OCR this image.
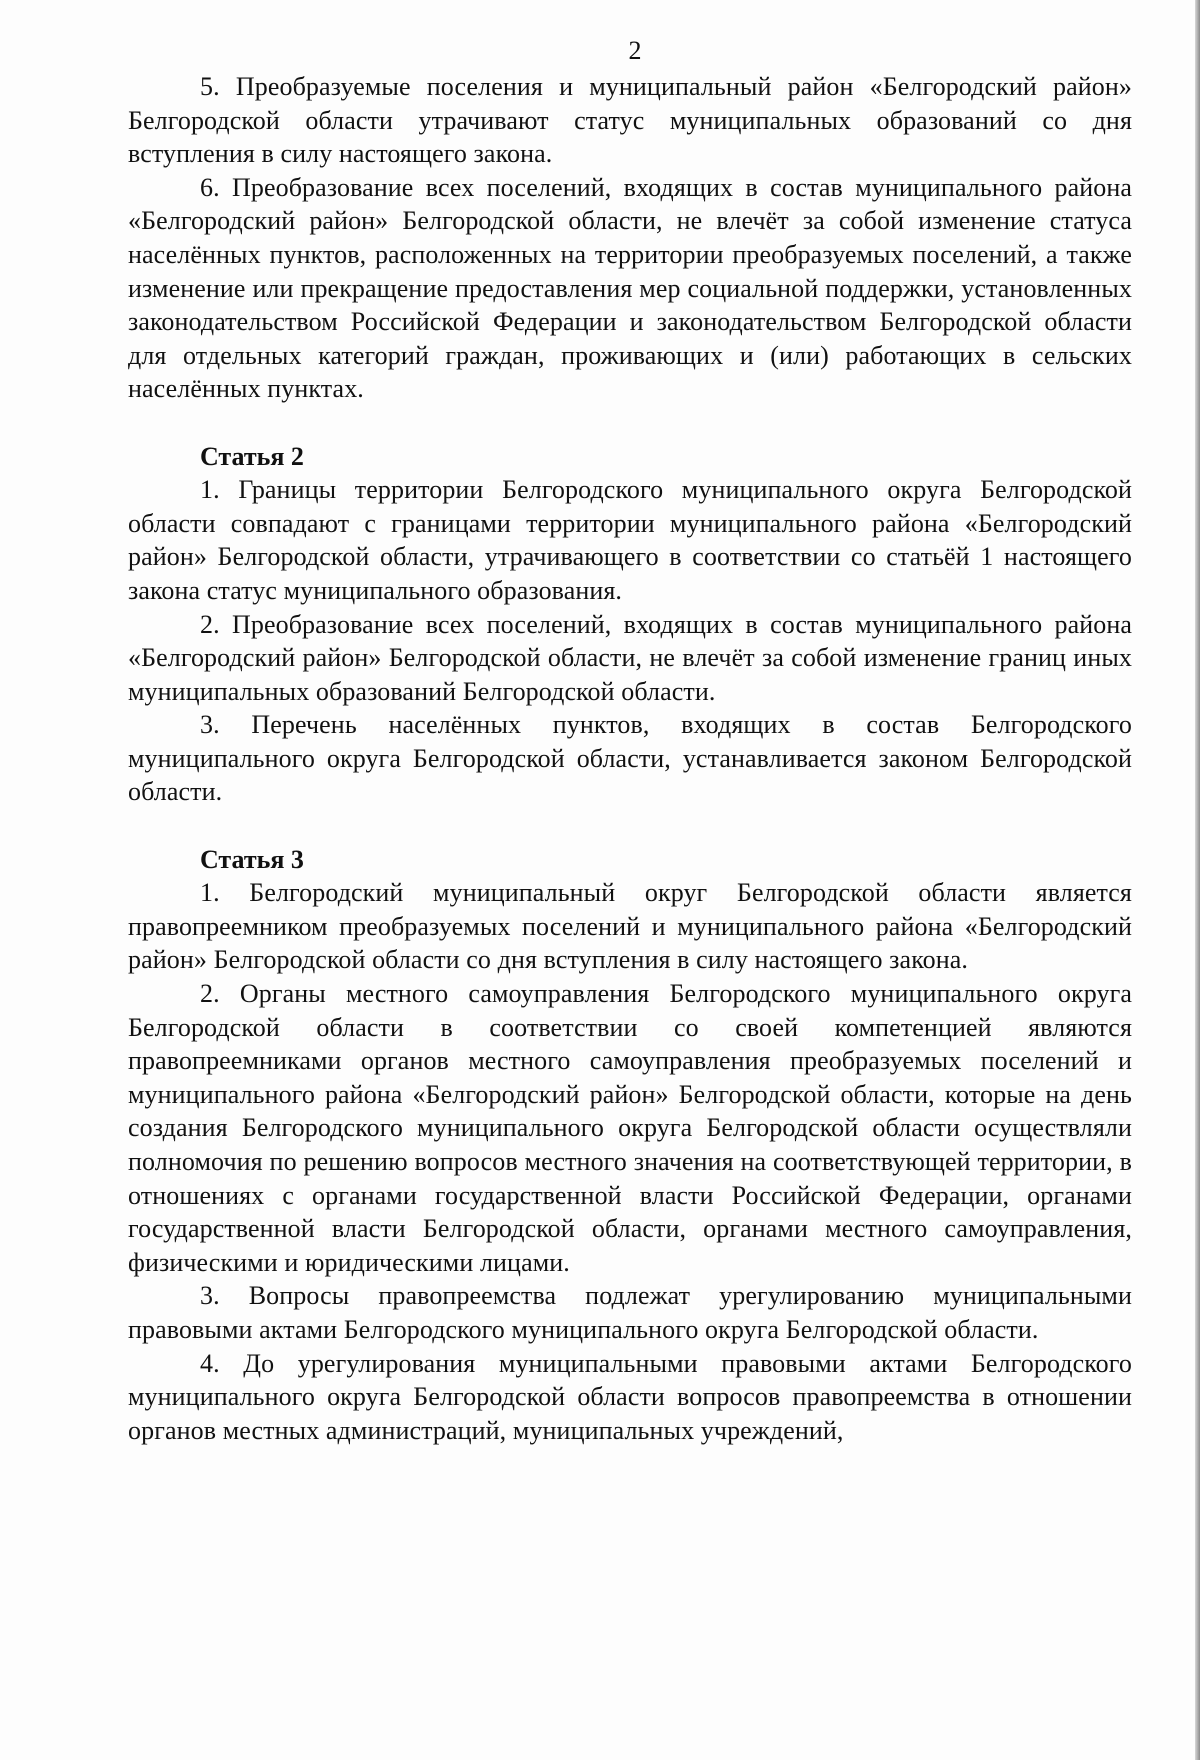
2

5. Преобразуемые поселения и муниципальный район «Белгородский район» Белгородской области утрачивают статус муниципальных образований со дня вступления в силу настоящего закона.

6. Преобразование всех поселений, входящих в состав муниципального района «Белгородский район» Белгородской области, не влечёт за собой изменение статуса населённых пунктов, расположенных на территории преобразуемых поселений, а также изменение или прекращение предоставления мер социальной поддержки, установленных законодательством Российской Федерации и законодательством Белгородской области для отдельных категорий граждан, проживающих и (или) работающих в сельских населённых пунктах.

Статья 2

1. Границы территории Белгородского муниципального округа Белгородской области совпадают с границами территории муниципального района «Белгородский район» Белгородской области, утрачивающего в соответствии со статьёй 1 настоящего закона статус муниципального образования.

2. Преобразование всех поселений, входящих в состав муниципального района «Белгородский район» Белгородской области, не влечёт за собой изменение границ иных муниципальных образований Белгородской области.

3. Перечень населённых пунктов, входящих в состав Белгородского муниципального округа Белгородской области, устанавливается законом Белгородской области.

Статья 3

1. Белгородский муниципальный округ Белгородской области является правопреемником преобразуемых поселений и муниципального района «Белгородский район» Белгородской области со дня вступления в силу настоящего закона.

2. Органы местного самоуправления Белгородского муниципального округа Белгородской области в соответствии со своей компетенцией являются правопреемниками органов местного самоуправления преобразуемых поселений и муниципального района «Белгородский район» Белгородской области, которые на день создания Белгородского муниципального округа Белгородской области осуществляли полномочия по решению вопросов местного значения на соответствующей территории, в отношениях с органами государственной власти Российской Федерации, органами государственной власти Белгородской области, органами местного самоуправления, физическими и юридическими лицами.

3. Вопросы правопреемства подлежат урегулированию муниципальными правовыми актами Белгородского муниципального округа Белгородской области.

4. До урегулирования муниципальными правовыми актами Белгородского муниципального округа Белгородской области вопросов правопреемства в отношении органов местных администраций, муниципальных учреждений,
